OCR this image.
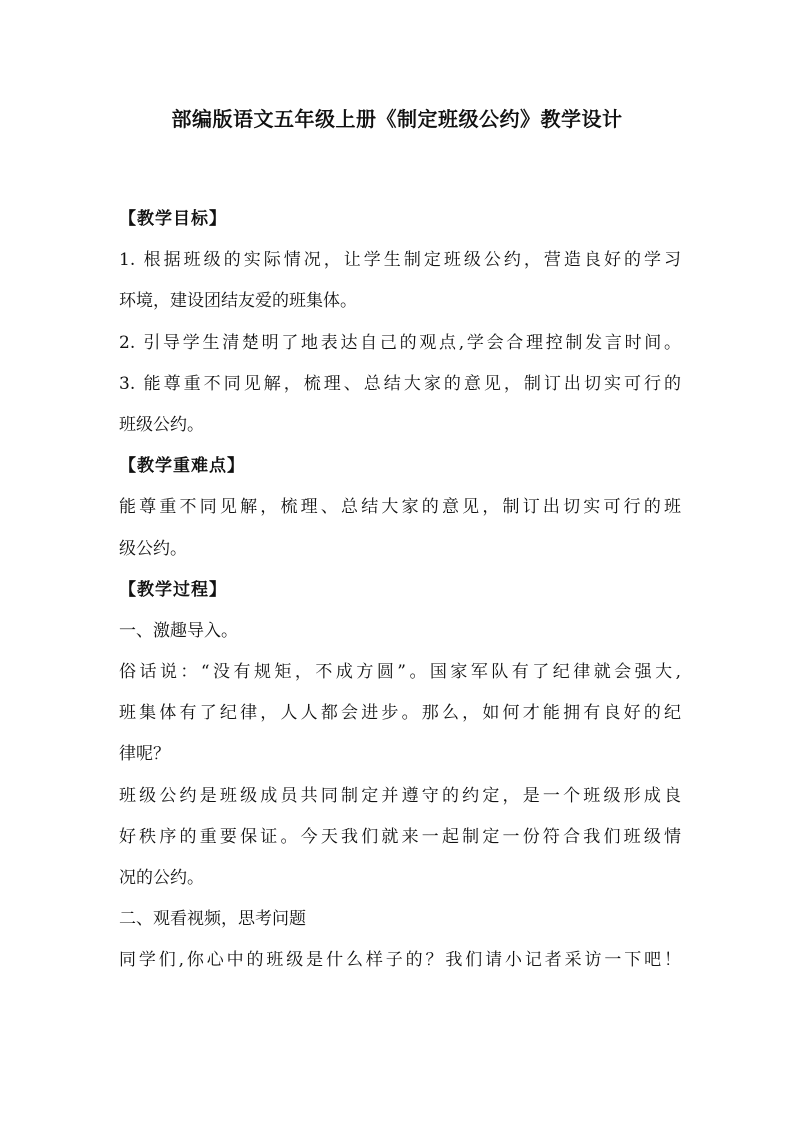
部编版语文五年级上册《制定班级公约》教学设计
【教学目标】
1. 根据班级的实际情况，让学生制定班级公约，营造良好的学习
环境，建设团结友爱的班集体。
2. 引导学生清楚明了地表达自己的观点,学会合理控制发言时间。
3. 能尊重不同见解，梳理、总结大家的意见，制订出切实可行的
班级公约。
【教学重难点】
能尊重不同见解，梳理、总结大家的意见，制订出切实可行的班
级公约。
【教学过程】
一、激趣导入。
俗话说：“没有规矩，不成方圆”。国家军队有了纪律就会强大,
班集体有了纪律，人人都会进步。那么，如何才能拥有良好的纪
律呢？
班级公约是班级成员共同制定并遵守的约定，是一个班级形成良
好秩序的重要保证。今天我们就来一起制定一份符合我们班级情
况的公约。
二、观看视频，思考问题
同学们,你心中的班级是什么样子的？我们请小记者采访一下吧！
